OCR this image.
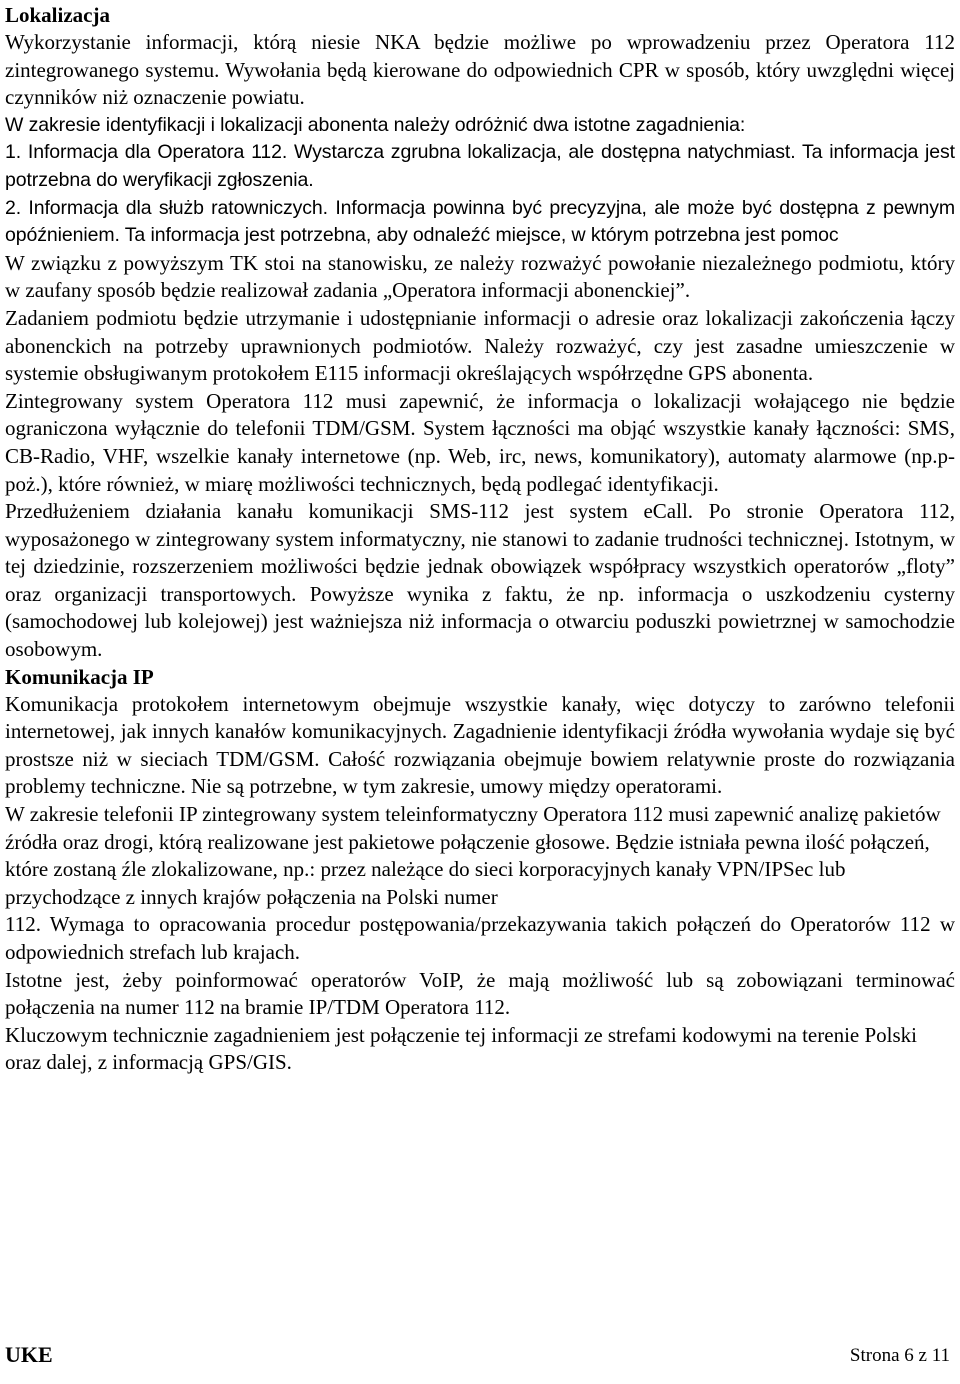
Lokalizacja

Wykorzystanie informacji, którą niesie NKA będzie możliwe po wprowadzeniu przez Operatora 112 zintegrowanego systemu. Wywołania będą kierowane do odpowiednich CPR w sposób, który uwzględni więcej czynników niż oznaczenie powiatu.

W zakresie identyfikacji i lokalizacji abonenta należy odróżnić dwa istotne zagadnienia:

1. Informacja dla Operatora 112. Wystarcza zgrubna lokalizacja, ale dostępna natychmiast. Ta informacja jest potrzebna do weryfikacji zgłoszenia.

2. Informacja dla służb ratowniczych. Informacja powinna być precyzyjna, ale może być dostępna z pewnym opóźnieniem. Ta informacja jest potrzebna, aby odnaleźć miejsce, w którym potrzebna jest pomoc

W związku z powyższym TK stoi na stanowisku, ze należy rozważyć powołanie niezależnego podmiotu, który w zaufany sposób będzie realizował zadania „Operatora informacji abonenckiej”.

Zadaniem podmiotu będzie utrzymanie i udostępnianie informacji o adresie oraz lokalizacji zakończenia łączy abonenckich na potrzeby uprawnionych podmiotów. Należy rozważyć, czy jest zasadne umieszczenie w systemie obsługiwanym protokołem E115 informacji określających współrzędne GPS abonenta.

Zintegrowany system Operatora 112 musi zapewnić, że informacja o lokalizacji wołającego nie będzie ograniczona wyłącznie do telefonii TDM/GSM. System łączności ma objąć wszystkie kanały łączności: SMS, CB-Radio, VHF, wszelkie kanały internetowe (np. Web, irc, news, komunikatory), automaty alarmowe (np.p-poż.), które również, w miarę możliwości technicznych, będą podlegać identyfikacji.

Przedłużeniem działania kanału komunikacji SMS-112 jest system eCall. Po stronie Operatora 112, wyposażonego w zintegrowany system informatyczny, nie stanowi to zadanie trudności technicznej. Istotnym, w tej dziedzinie, rozszerzeniem możliwości będzie jednak obowiązek współpracy wszystkich operatorów „floty” oraz organizacji transportowych. Powyższe wynika z faktu, że np. informacja o uszkodzeniu cysterny (samochodowej lub kolejowej) jest ważniejsza niż informacja o otwarciu poduszki powietrznej w samochodzie osobowym.

Komunikacja IP

Komunikacja protokołem internetowym obejmuje wszystkie kanały, więc dotyczy to zarówno telefonii internetowej, jak innych kanałów komunikacyjnych. Zagadnienie identyfikacji źródła wywołania wydaje się być prostsze niż w sieciach TDM/GSM. Całość rozwiązania obejmuje bowiem relatywnie proste do rozwiązania problemy techniczne. Nie są potrzebne, w tym zakresie, umowy między operatorami.

W zakresie telefonii IP zintegrowany system teleinformatyczny Operatora 112 musi zapewnić analizę pakietów źródła oraz drogi, którą realizowane jest pakietowe połączenie głosowe. Będzie istniała pewna ilość połączeń, które zostaną źle zlokalizowane, np.: przez należące do sieci korporacyjnych kanały VPN/IPSec lub przychodzące z innych krajów połączenia na Polski numer

112. Wymaga to opracowania procedur postępowania/przekazywania takich połączeń do Operatorów 112 w odpowiednich strefach lub krajach.

Istotne jest, żeby poinformować operatorów VoIP, że mają możliwość lub są zobowiązani terminować połączenia na numer 112 na bramie IP/TDM Operatora 112.

Kluczowym technicznie zagadnieniem jest połączenie tej informacji ze strefami kodowymi na terenie Polski oraz dalej, z informacją GPS/GIS.

UKE	Strona 6 z 11
